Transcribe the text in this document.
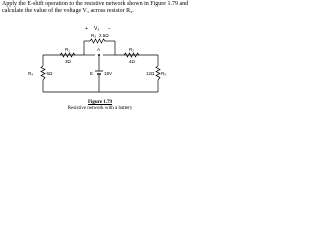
Apply the E-shift operation to the resistive network shown in Figure 1.79 and calculate the value of the voltage V₃ across resistor R₃.
+ V₃ −
R₃ 2.5Ω
R₁
3Ω
A	R₂
4Ω
R₄	6Ω	E 18V	12Ω R₅
Figure 1.79
Resistive network with a battery
